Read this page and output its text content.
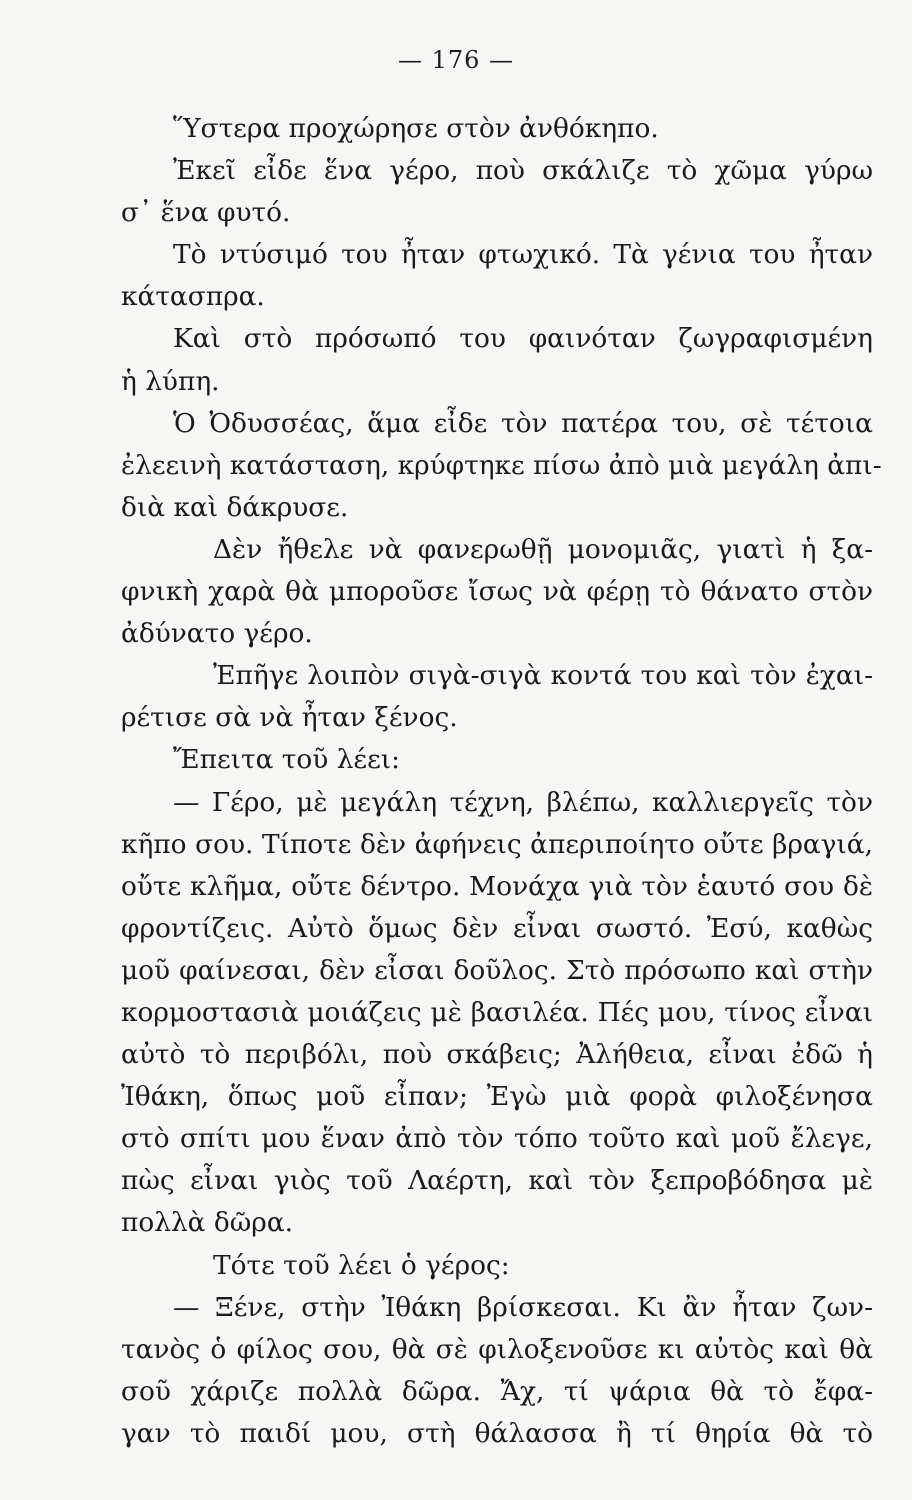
— 176 —
Ὕστερα προχώρησε στὸν ἀνθόκηπο.
Ἐκεῖ εἶδε ἕνα γέρο, ποὺ σκάλιζε τὸ χῶμα γύρω
σ᾿ ἕνα φυτό.
Τὸ ντύσιμό του ἦταν φτωχικό. Τὰ γένια του ἦταν
κάτασπρα.
Καὶ στὸ πρόσωπό του φαινόταν ζωγραφισμένη
ἡ λύπη.
Ὁ Ὀδυσσέας, ἅμα εἶδε τὸν πατέρα του, σὲ τέτοια
ἐλεεινὴ κατάσταση, κρύφτηκε πίσω ἀπὸ μιὰ μεγάλη ἀπι-
διὰ καὶ δάκρυσε.
Δὲν ἤθελε νὰ φανερωθῇ μονομιᾶς, γιατὶ ἡ ξα-
φνικὴ χαρὰ θὰ μποροῦσε ἴσως νὰ φέρῃ τὸ θάνατο στὸν
ἀδύνατο γέρο.
Ἐπῆγε λοιπὸν σιγὰ-σιγὰ κοντά του καὶ τὸν ἐχαι-
ρέτισε σὰ νὰ ἦταν ξένος.
Ἔπειτα τοῦ λέει:
— Γέρο, μὲ μεγάλη τέχνη, βλέπω, καλλιεργεῖς τὸν
κῆπο σου. Τίποτε δὲν ἀφήνεις ἀπεριποίητο οὔτε βραγιά,
οὔτε κλῆμα, οὔτε δέντρο. Μονάχα γιὰ τὸν ἑαυτό σου δὲ
φροντίζεις. Αὐτὸ ὅμως δὲν εἶναι σωστό. Ἐσύ, καθὼς
μοῦ φαίνεσαι, δὲν εἶσαι δοῦλος. Στὸ πρόσωπο καὶ στὴν
κορμοστασιὰ μοιάζεις μὲ βασιλέα. Πές μου, τίνος εἶναι
αὐτὸ τὸ περιβόλι, ποὺ σκάβεις; Ἀλήθεια, εἶναι ἐδῶ ἡ
Ἰθάκη, ὅπως μοῦ εἶπαν; Ἐγὼ μιὰ φορὰ φιλοξένησα
στὸ σπίτι μου ἕναν ἀπὸ τὸν τόπο τοῦτο καὶ μοῦ ἔλεγε,
πὼς εἶναι γιὸς τοῦ Λαέρτη, καὶ τὸν ξεπροβόδησα μὲ
πολλὰ δῶρα.
Τότε τοῦ λέει ὁ γέρος:
— Ξένε, στὴν Ἰθάκη βρίσκεσαι. Κι ἂν ἦταν ζων-
τανὸς ὁ φίλος σου, θὰ σὲ φιλοξενοῦσε κι αὐτὸς καὶ θὰ
σοῦ χάριζε πολλὰ δῶρα. Ἄχ, τί ψάρια θὰ τὸ ἔφα-
γαν τὸ παιδί μου, στὴ θάλασσα ἢ τί θηρία θὰ τὸ
